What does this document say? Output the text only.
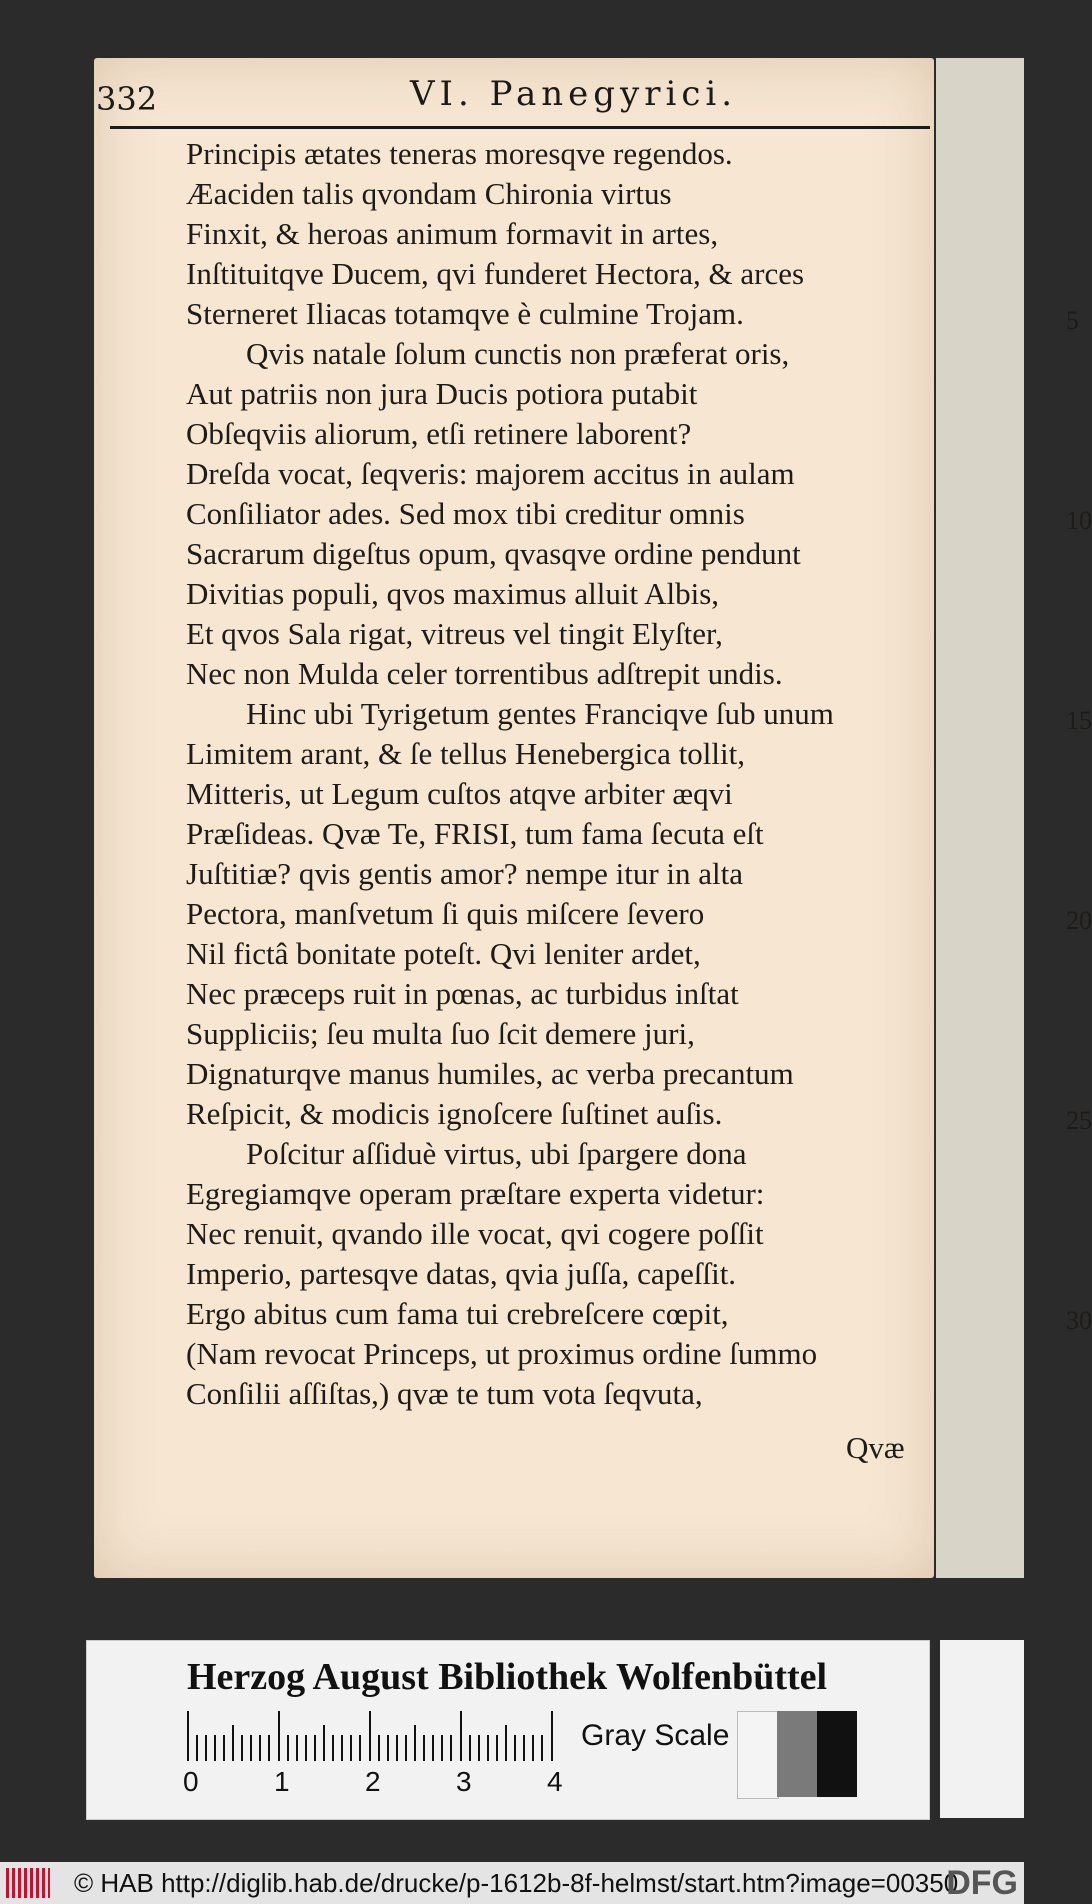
332	VI. Panegyrici.
Principis ætates teneras moresqve regendos.
Æaciden talis qvondam Chironia virtus
Finxit, & heroas animum formavit in artes,
Inſtituitqve Ducem, qvi funderet Hectora, & arces
Sterneret Iliacas totamqve è culmine Trojam.
Qvis natale ſolum cunctis non præferat oris,
Aut patriis non jura Ducis potiora putabit
Obſeqviis aliorum, etſi retinere laborent?
Dreſda vocat, ſeqveris: majorem accitus in aulam
Conſiliator ades. Sed mox tibi creditur omnis
Sacrarum digeſtus opum, qvasqve ordine pendunt
Divitias populi, qvos maximus alluit Albis,
Et qvos Sala rigat, vitreus vel tingit Elyſter,
Nec non Mulda celer torrentibus adſtrepit undis.
Hinc ubi Tyrigetum gentes Franciqve ſub unum
Limitem arant, & ſe tellus Henebergica tollit,
Mitteris, ut Legum cuſtos atqve arbiter æqvi
Præſideas. Qvæ Te, FRISI, tum fama ſecuta eſt
Juſtitiæ? qvis gentis amor? nempe itur in alta
Pectora, manſvetum ſi quis miſcere ſevero
Nil fictâ bonitate poteſt. Qvi leniter ardet,
Nec præceps ruit in pœnas, ac turbidus inſtat
Suppliciis; ſeu multa ſuo ſcit demere juri,
Dignaturqve manus humiles, ac verba precantum
Reſpicit, & modicis ignoſcere ſuſtinet auſis.
Poſcitur aſſiduè virtus, ubi ſpargere dona
Egregiamqve operam præſtare experta videtur:
Nec renuit, qvando ille vocat, qvi cogere poſſit
Imperio, partesqve datas, qvia juſſa, capeſſit.
Ergo abitus cum fama tui crebreſcere cœpit,
(Nam revocat Princeps, ut proximus ordine ſummo
Conſilii aſſiſtas,) qvæ te tum vota ſeqvuta,
5
10
15
20
25
30
Qvæ
Herzog August Bibliothek Wolfenbüttel
0	1	2	3	4
Gray Scale
© HAB http://diglib.hab.de/drucke/p-1612b-8f-helmst/start.htm?image=00350
DFG
